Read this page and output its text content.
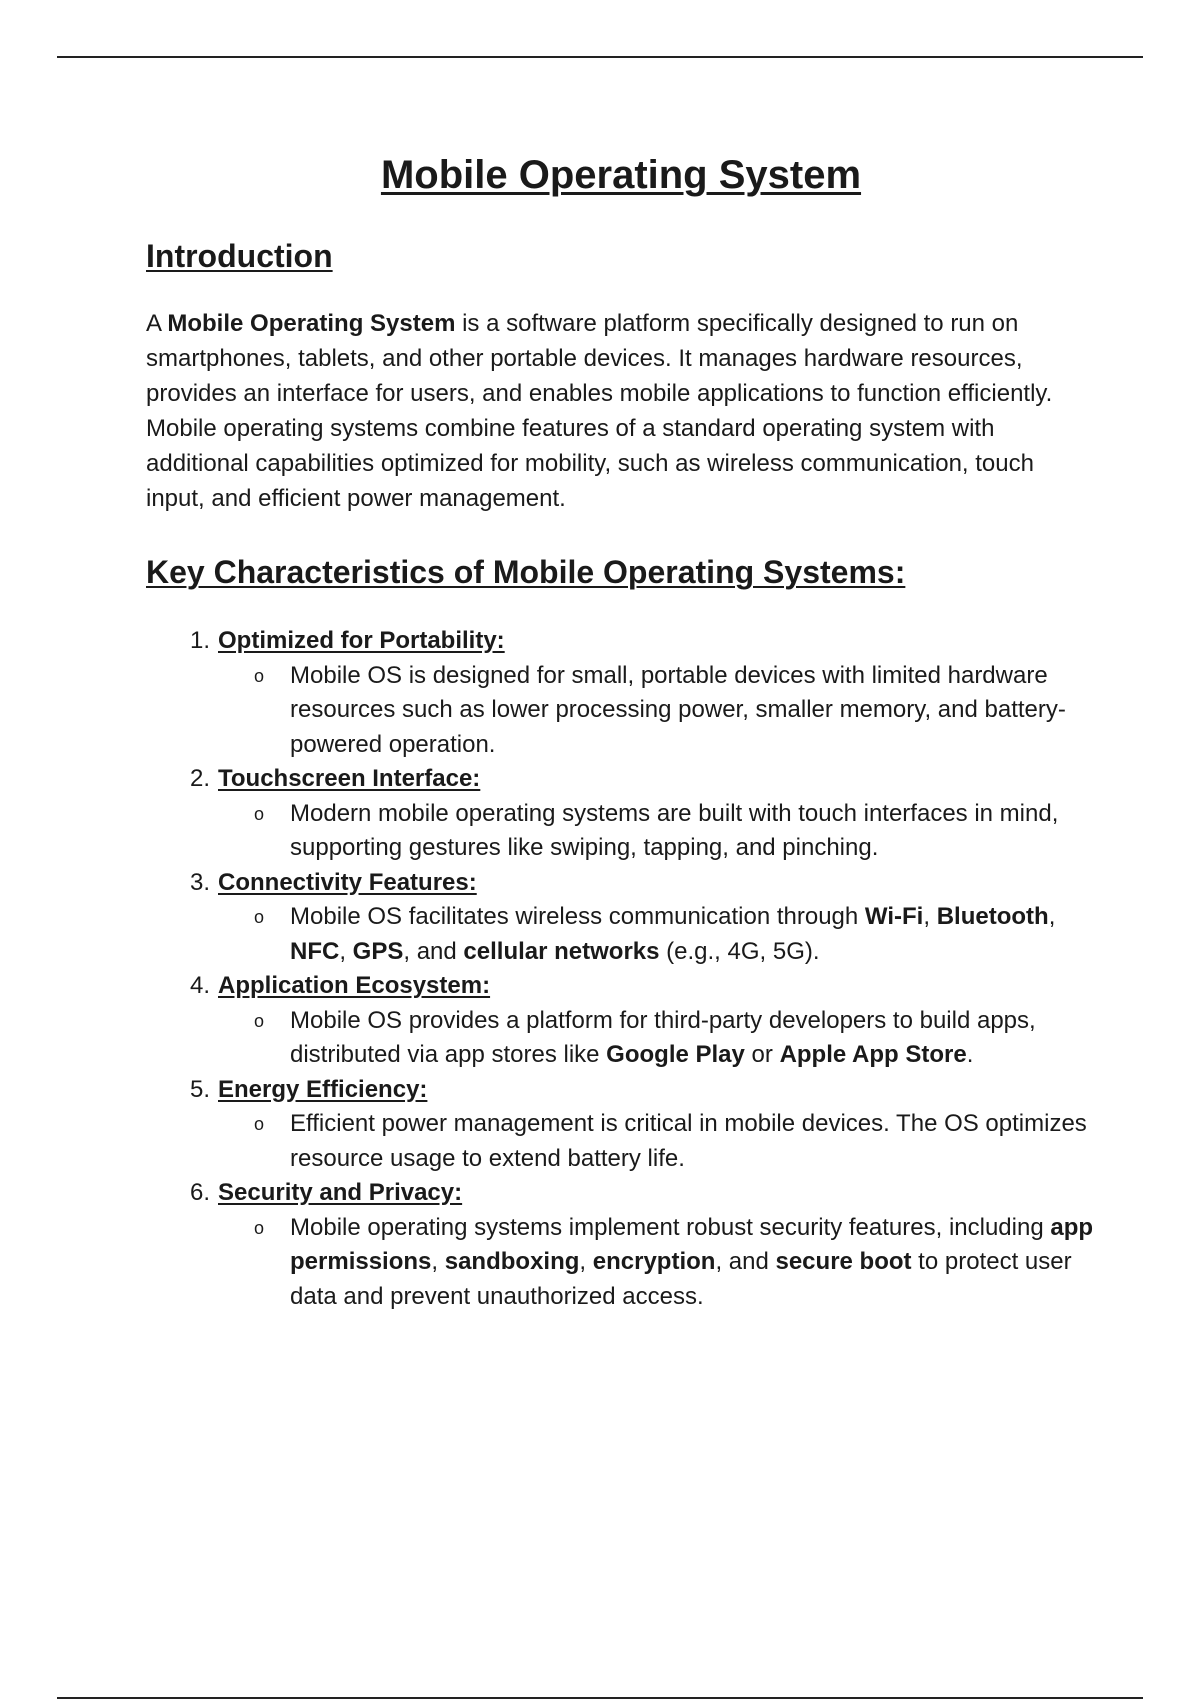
Mobile Operating System
Introduction

A Mobile Operating System is a software platform specifically designed to run on smartphones, tablets, and other portable devices. It manages hardware resources, provides an interface for users, and enables mobile applications to function efficiently. Mobile operating systems combine features of a standard operating system with additional capabilities optimized for mobility, such as wireless communication, touch input, and efficient power management.

Key Characteristics of Mobile Operating Systems:
1. Optimized for Portability:
o Mobile OS is designed for small, portable devices with limited hardware resources such as lower processing power, smaller memory, and battery-powered operation.
2. Touchscreen Interface:
o Modern mobile operating systems are built with touch interfaces in mind, supporting gestures like swiping, tapping, and pinching.
3. Connectivity Features:
o Mobile OS facilitates wireless communication through Wi-Fi, Bluetooth, NFC, GPS, and cellular networks (e.g., 4G, 5G).
4. Application Ecosystem:
o Mobile OS provides a platform for third-party developers to build apps, distributed via app stores like Google Play or Apple App Store.
5. Energy Efficiency:
o Efficient power management is critical in mobile devices. The OS optimizes resource usage to extend battery life.
6. Security and Privacy:
o Mobile operating systems implement robust security features, including app permissions, sandboxing, encryption, and secure boot to protect user data and prevent unauthorized access.
